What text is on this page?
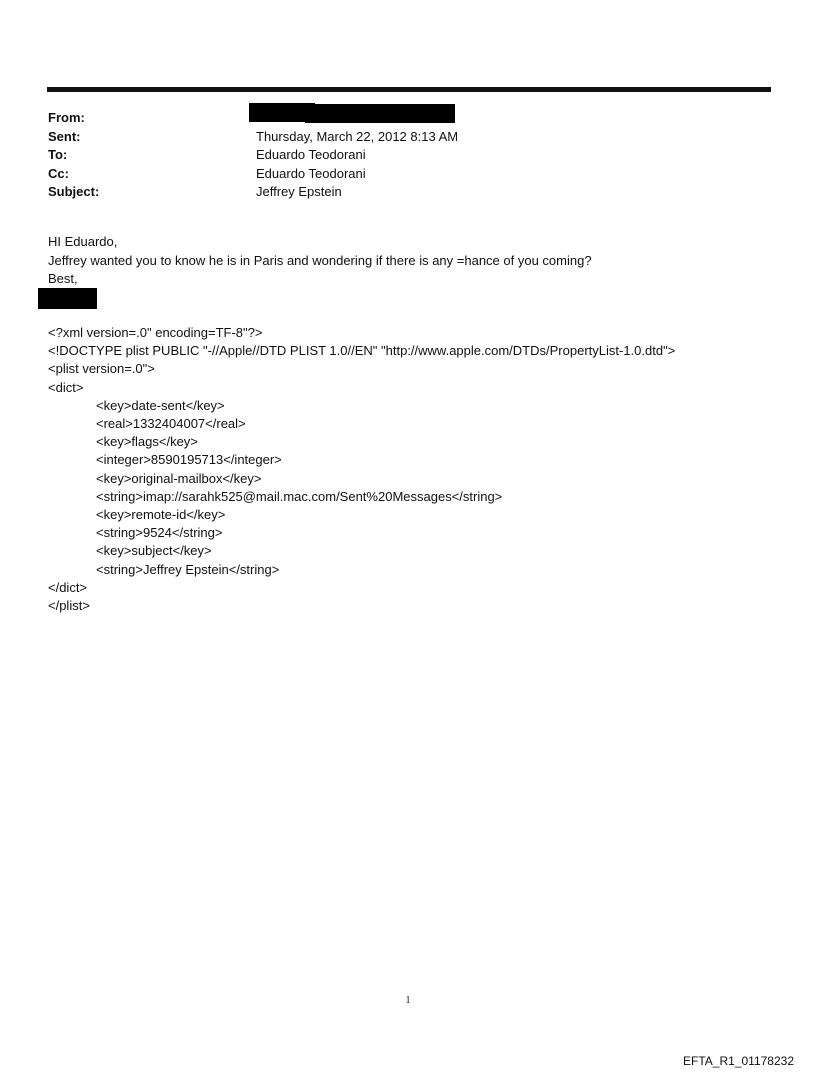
From:
Sent:	Thursday, March 22, 2012 8:13 AM
To:	Eduardo Teodorani
Cc:	Eduardo Teodorani
Subject:	Jeffrey Epstein
HI Eduardo,
Jeffrey wanted you to know he is in Paris and wondering if there is any =hance of you coming?
Best,
<?xml version=.0" encoding=TF-8"?>
<!DOCTYPE plist PUBLIC "-//Apple//DTD PLIST 1.0//EN" "http://www.apple.com/DTDs/PropertyList-1.0.dtd">
<plist version=.0">
<dict>
<key>date-sent</key>
<real>1332404007</real>
<key>flags</key>
<integer>8590195713</integer>
<key>original-mailbox</key>
<string>imap://sarahk525@mail.mac.com/Sent%20Messages</string>
<key>remote-id</key>
<string>9524</string>
<key>subject</key>
<string>Jeffrey Epstein</string>
</dict>
</plist>
1
EFTA_R1_01178232
